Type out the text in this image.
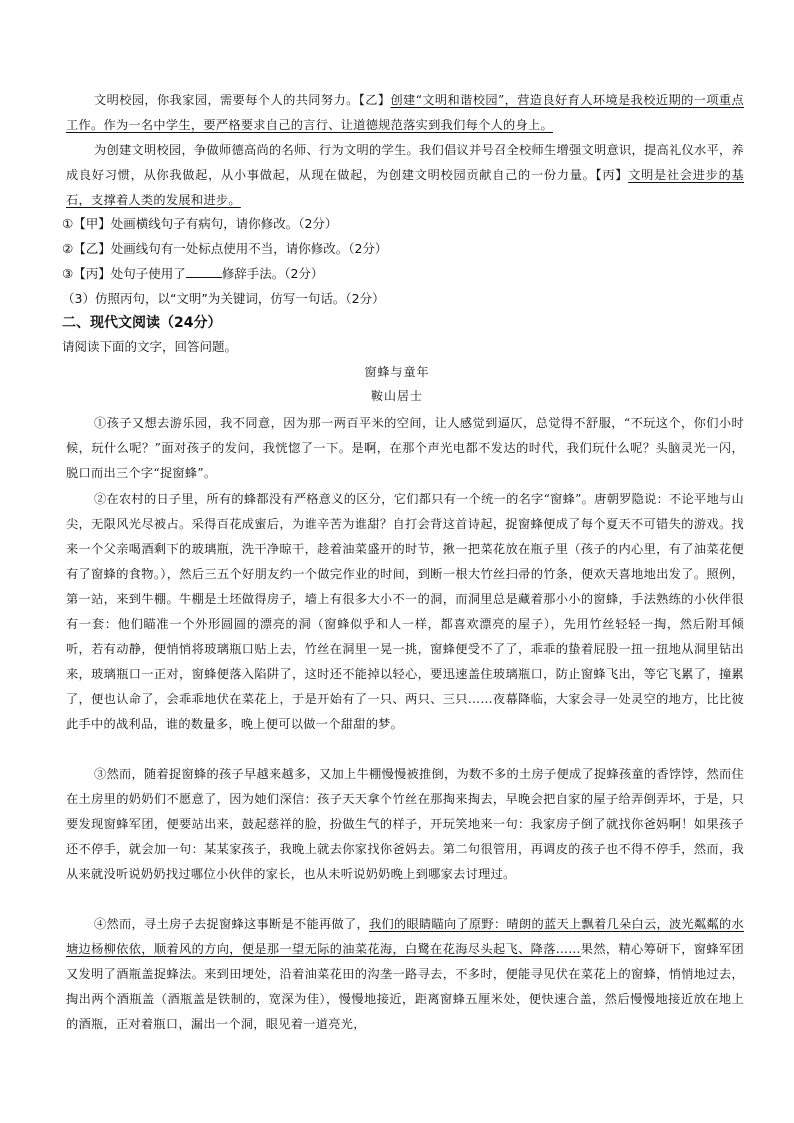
文明校园，你我家园，需要每个人的共同努力。【乙】创建“文明和谐校园”，营造良好育人环境是我校近期的一项重点工作。作为一名中学生，要严格要求自己的言行、让道德规范落实到我们每个人的身上。

为创建文明校园，争做师德高尚的名师、行为文明的学生。我们倡议并号召全校师生增强文明意识，提高礼仪水平，养成良好习惯，从你我做起，从小事做起，从现在做起，为创建文明校园贡献自己的一份力量。【丙】文明是社会进步的基石，支撑着人类的发展和进步。

①【甲】处画横线句子有病句，请你修改。（2分）

②【乙】处画线句有一处标点使用不当，请你修改。（2分）

③【丙】处句子使用了	修辞手法。（2分）

（3）仿照丙句，以“文明”为关键词，仿写一句话。（2分）

二、现代文阅读（24分）

请阅读下面的文字，回答问题。

窗蜂与童年

鞍山居士

①孩子又想去游乐园，我不同意，因为那一两百平米的空间，让人感觉到逼仄，总觉得不舒服，“不玩这个，你们小时候，玩什么呢？”面对孩子的发问，我恍惚了一下。是啊，在那个声光电都不发达的时代，我们玩什么呢？头脑灵光一闪，脱口而出三个字“捉窗蜂”。

②在农村的日子里，所有的蜂都没有严格意义的区分，它们都只有一个统一的名字“窗蜂”。唐朝罗隐说：不论平地与山尖，无限风光尽被占。采得百花成蜜后，为谁辛苦为谁甜？自打会背这首诗起，捉窗蜂便成了每个夏天不可错失的游戏。找来一个父亲喝酒剩下的玻璃瓶，洗干净晾干，趁着油菜盛开的时节，揪一把菜花放在瓶子里（孩子的内心里，有了油菜花便有了窗蜂的食物。），然后三五个好朋友约一个做完作业的时间，到断一根大竹丝扫帚的竹条，便欢天喜地地出发了。照例，第一站，来到牛棚。牛棚是土坯做得房子，墙上有很多大小不一的洞，而洞里总是藏着那小小的窗蜂，手法熟练的小伙伴很有一套：他们瞄准一个外形圆圆的漂亮的洞（窗蜂似乎和人一样，都喜欢漂亮的屋子），先用竹丝轻轻一掏，然后附耳倾听，若有动静，便悄悄将玻璃瓶口贴上去，竹丝在洞里一晃一挑，窗蜂便受不了了，乖乖的蛰着屁股一扭一扭地从洞里钻出来，玻璃瓶口一正对，窗蜂便落入陷阱了，这时还不能掉以轻心，要迅速盖住玻璃瓶口，防止窗蜂飞出，等它飞累了，撞累了，便也认命了，会乖乖地伏在菜花上，于是开始有了一只、两只、三只……夜幕降临，大家会寻一处灵空的地方，比比彼此手中的战利品，谁的数量多，晚上便可以做一个甜甜的梦。

③然而，随着捉窗蜂的孩子早越来越多，又加上牛棚慢慢被推倒，为数不多的土房子便成了捉蜂孩童的香饽饽，然而住在土房里的奶奶们不愿意了，因为她们深信：孩子天天拿个竹丝在那掏来掏去，早晚会把自家的屋子给弄倒弄坏，于是，只要发现窗蜂军团，便要站出来，鼓起慈祥的脸，扮做生气的样子，开玩笑地来一句：我家房子倒了就找你爸妈啊！如果孩子还不停手，就会加一句：某某家孩子，我晚上就去你家找你爸妈去。第二句很管用，再调皮的孩子也不得不停手，然而，我从来就没听说奶奶找过哪位小伙伴的家长，也从未听说奶奶晚上到哪家去讨理过。

④然而，寻土房子去捉窗蜂这事断是不能再做了，我们的眼睛瞄向了原野：晴朗的蓝天上飘着几朵白云，波光粼粼的水塘边杨柳依依，顺着风的方向，便是那一望无际的油菜花海，白鹭在花海尽头起飞、降落……果然，精心筹研下，窗蜂军团又发明了酒瓶盖捉蜂法。来到田埂处，沿着油菜花田的沟垄一路寻去，不多时，便能寻见伏在菜花上的窗蜂，悄悄地过去，掏出两个酒瓶盖（酒瓶盖是铁制的，宽深为佳），慢慢地接近，距离窗蜂五厘米处，便快速合盖，然后慢慢地接近放在地上的酒瓶，正对着瓶口，漏出一个洞，眼见着一道亮光，
